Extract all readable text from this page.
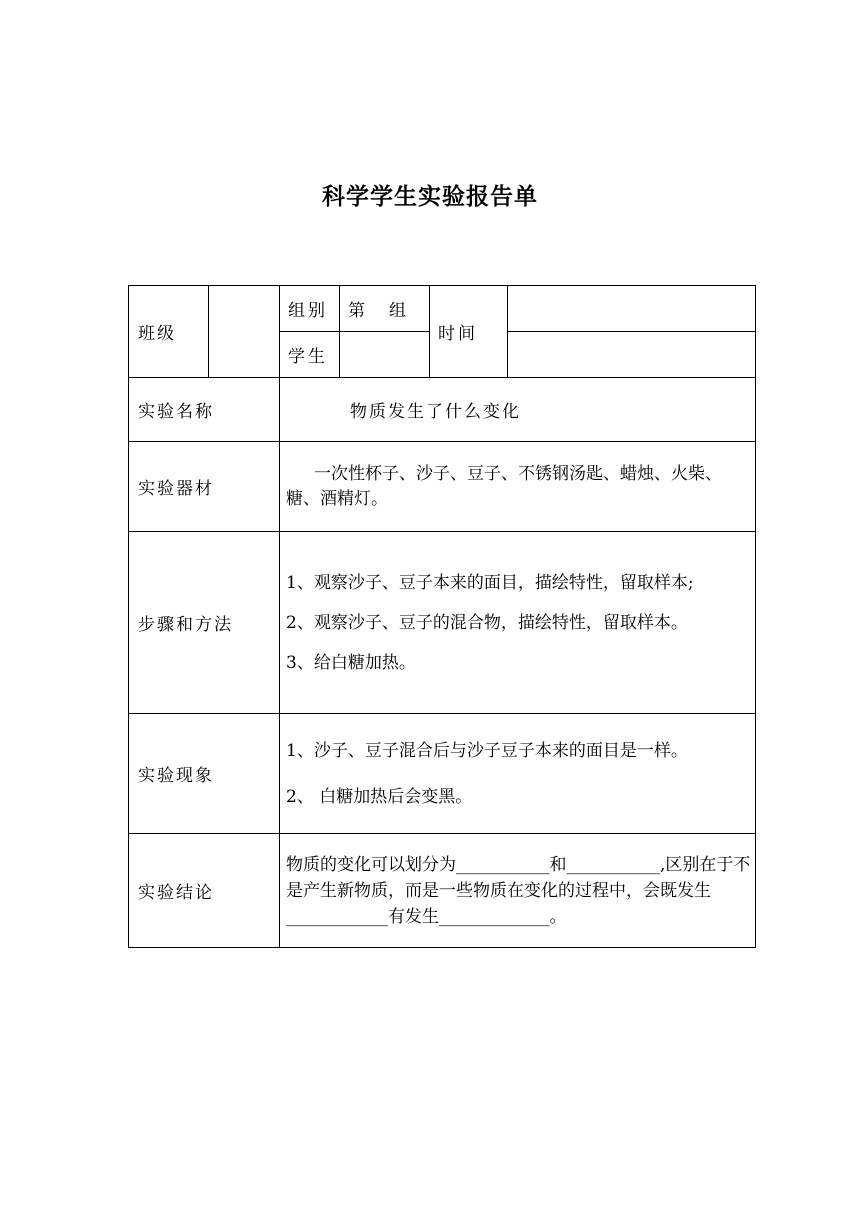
科学学生实验报告单
班级		组别	第 组	时间	
		学生			
实验名称		物质发生了什么变化			
实验器材		一次性杯子、沙子、豆子、不锈钢汤匙、蜡烛、火柴、糖、酒精灯。			
步骤和方法		1、观察沙子、豆子本来的面目，描绘特性，留取样本;

2、观察沙子、豆子的混合物，描绘特性，留取样本。

3、给白糖加热。			

实验现象		1、沙子、豆子混合后与沙子豆子本来的面目是一样。

2、 白糖加热后会变黑。			

实验结论		物质的变化可以划分为___________和___________,区别在于不是产生新物质，而是一些物质在变化的过程中，会既发生____________有发生_____________。			
